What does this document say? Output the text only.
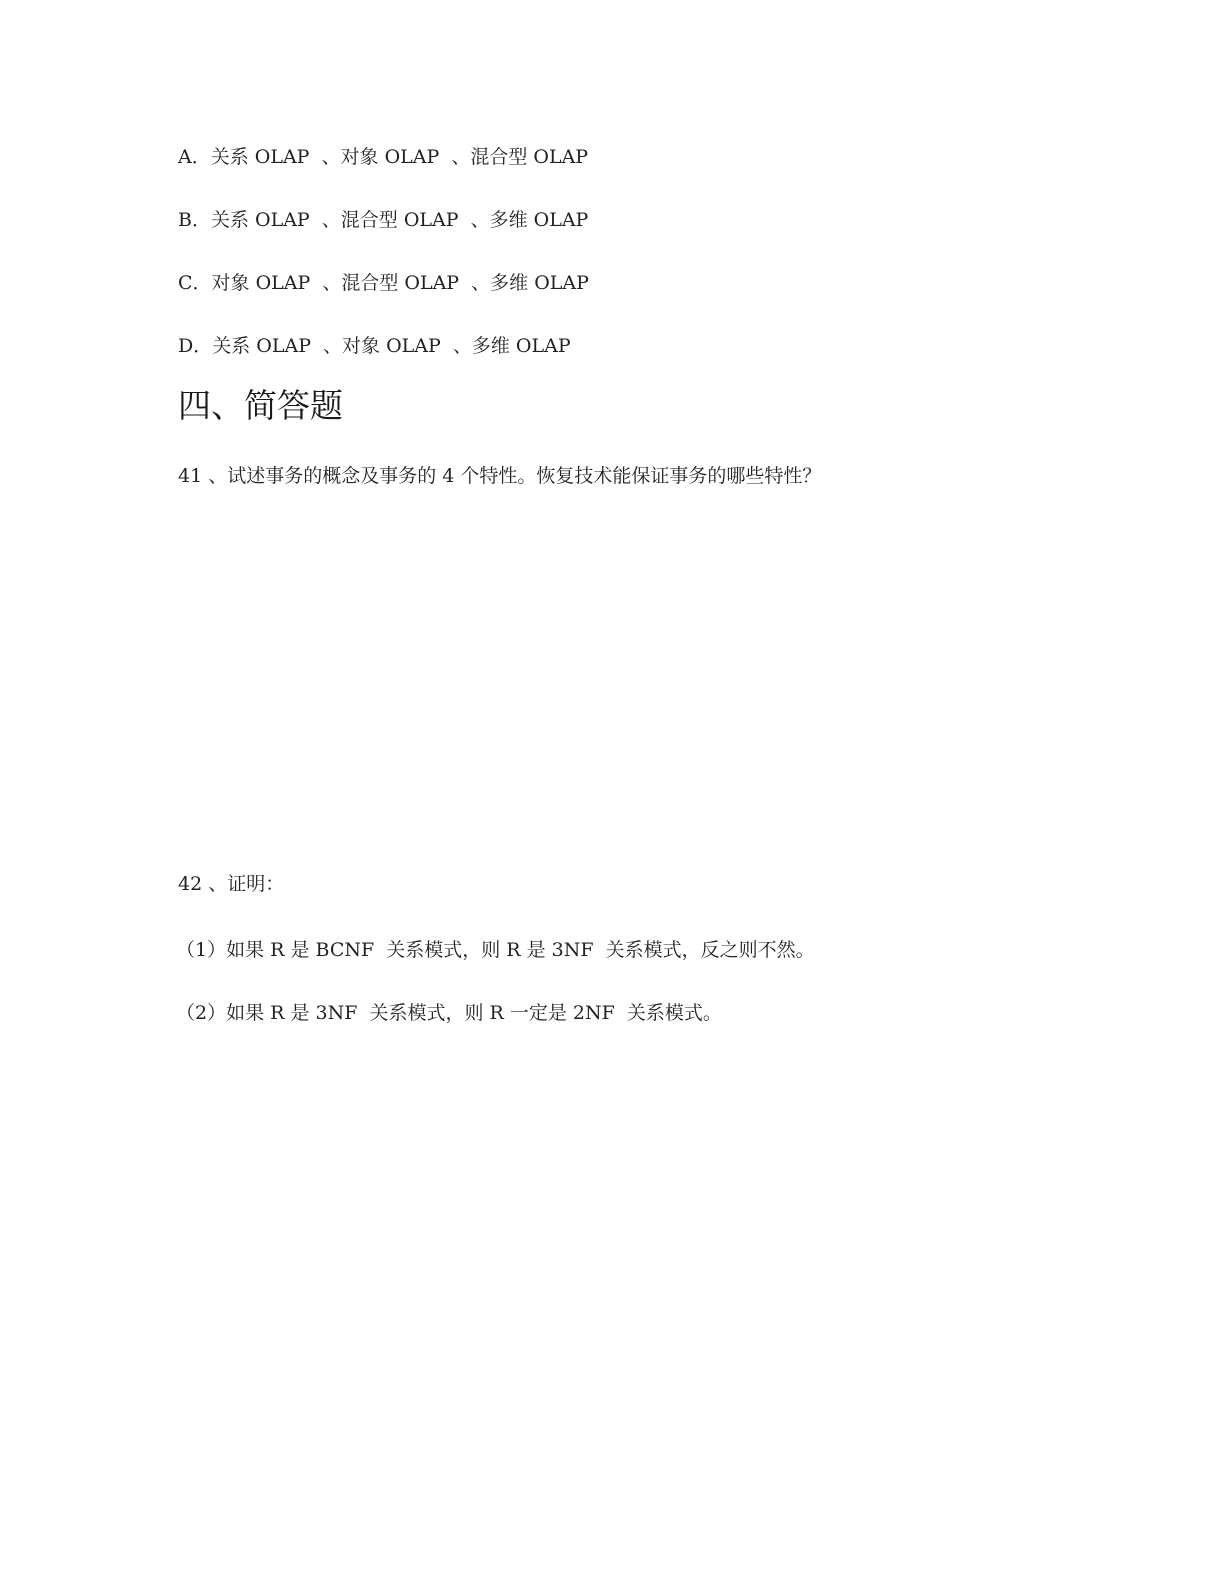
A．关系 OLAP  、对象 OLAP  、混合型 OLAP
B．关系 OLAP  、混合型 OLAP  、多维 OLAP
C．对象 OLAP  、混合型 OLAP  、多维 OLAP
D．关系 OLAP  、对象 OLAP  、多维 OLAP
四、简答题
41 、试述事务的概念及事务的 4 个特性。恢复技术能保证事务的哪些特性？
42 、证明：
（1）如果 R 是 BCNF  关系模式，则 R 是 3NF  关系模式，反之则不然。
（2）如果 R 是 3NF  关系模式，则 R 一定是 2NF  关系模式。
